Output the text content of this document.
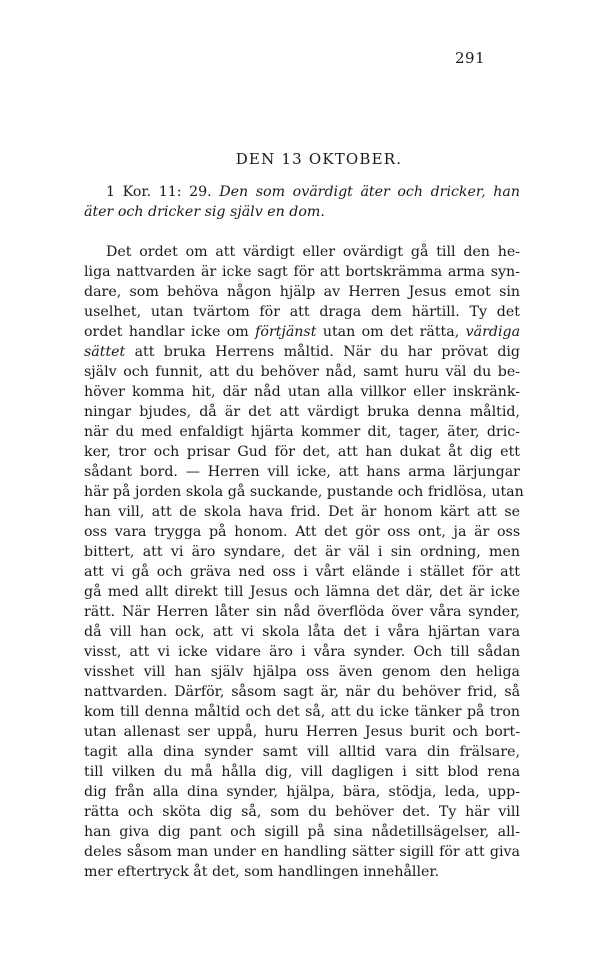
291
DEN 13 OKTOBER.
1 Kor. 11: 29. Den som ovärdigt äter och dricker, han äter och dricker sig själv en dom.
Det ordet om att värdigt eller ovärdigt gå till den he-
liga nattvarden är icke sagt för att bortskrämma arma syn-
dare, som behöva någon hjälp av Herren Jesus emot sin
uselhet, utan tvärtom för att draga dem härtill. Ty det
ordet handlar icke om förtjänst utan om det rätta, värdiga
sättet att bruka Herrens måltid. När du har prövat dig
själv och funnit, att du behöver nåd, samt huru väl du be-
höver komma hit, där nåd utan alla villkor eller inskränk-
ningar bjudes, då är det att värdigt bruka denna måltid,
när du med enfaldigt hjärta kommer dit, tager, äter, dric-
ker, tror och prisar Gud för det, att han dukat åt dig ett
sådant bord. — Herren vill icke, att hans arma lärjungar
här på jorden skola gå suckande, pustande och fridlösa, utan
han vill, att de skola hava frid. Det är honom kärt att se
oss vara trygga på honom. Att det gör oss ont, ja är oss
bittert, att vi äro syndare, det är väl i sin ordning, men
att vi gå och gräva ned oss i vårt elände i stället för att
gå med allt direkt till Jesus och lämna det där, det är icke
rätt. När Herren låter sin nåd överflöda över våra synder,
då vill han ock, att vi skola låta det i våra hjärtan vara
visst, att vi icke vidare äro i våra synder. Och till sådan
visshet vill han själv hjälpa oss även genom den heliga
nattvarden. Därför, såsom sagt är, när du behöver frid, så
kom till denna måltid och det så, att du icke tänker på tron
utan allenast ser uppå, huru Herren Jesus burit och bort-
tagit alla dina synder samt vill alltid vara din frälsare,
till vilken du må hålla dig, vill dagligen i sitt blod rena
dig från alla dina synder, hjälpa, bära, stödja, leda, upp-
rätta och sköta dig så, som du behöver det. Ty här vill
han giva dig pant och sigill på sina nådetillsägelser, all-
deles såsom man under en handling sätter sigill för att giva
mer eftertryck åt det, som handlingen innehåller.
